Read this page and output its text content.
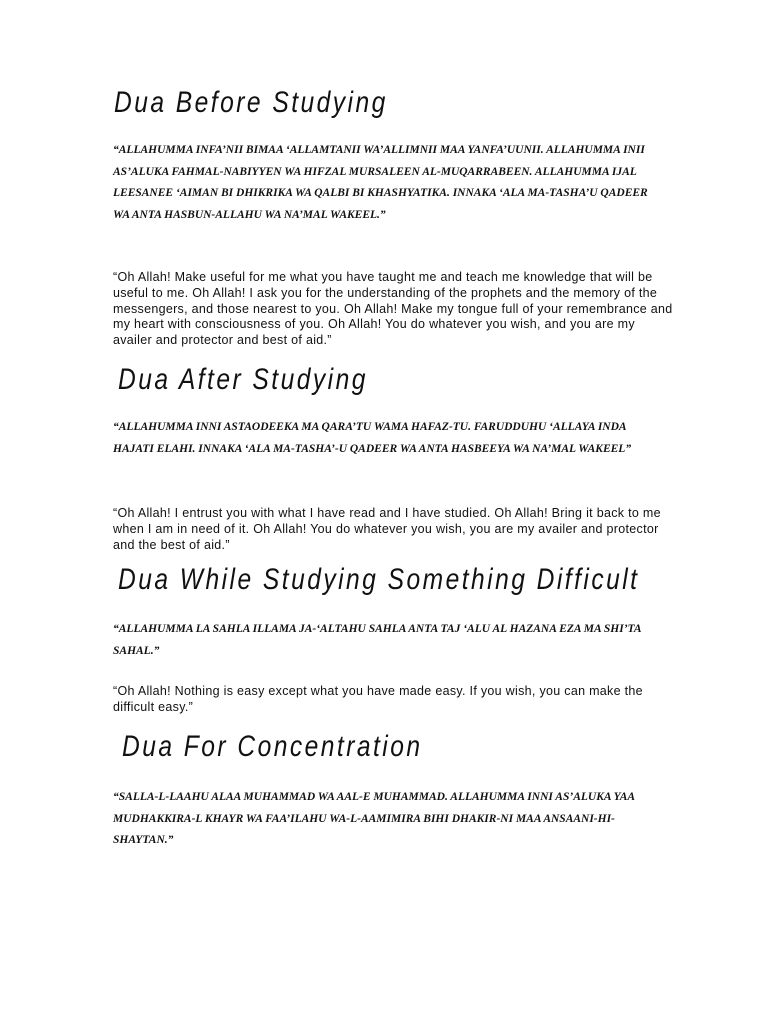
Dua Before Studying

“ALLAHUMMA INFA’NII BIMAA ‘ALLAMTANII WA’ALLIMNII MAA YANFA’UUNII. ALLAHUMMA INII AS’ALUKA FAHMAL-NABIYYEN WA HIFZAL MURSALEEN AL-MUQARRABEEN. ALLAHUMMA IJAL LEESANEE ‘AIMAN BI DHIKRIKA WA QALBI BI KHASHYATIKA. INNAKA ‘ALA MA-TASHA’U QADEER WA ANTA HASBUN-ALLAHU WA NA’MAL WAKEEL.”

“Oh Allah! Make useful for me what you have taught me and teach me knowledge that will be useful to me. Oh Allah! I ask you for the understanding of the prophets and the memory of the messengers, and those nearest to you. Oh Allah! Make my tongue full of your remembrance and my heart with consciousness of you. Oh Allah! You do whatever you wish, and you are my availer and protector and best of aid.”

Dua After Studying

“ALLAHUMMA INNI ASTAODEEKA MA QARA’TU WAMA HAFAZ-TU. FARUDDUHU ‘ALLAYA INDA HAJATI ELAHI. INNAKA ‘ALA MA-TASHA’-U QADEER WA ANTA HASBEEYA WA NA’MAL WAKEEL”

“Oh Allah! I entrust you with what I have read and I have studied. Oh Allah! Bring it back to me when I am in need of it. Oh Allah! You do whatever you wish, you are my availer and protector and the best of aid.”

Dua While Studying Something Difficult

“ALLAHUMMA LA SAHLA ILLAMA JA-‘ALTAHU SAHLA ANTA TAJ ‘ALU AL HAZANA EZA MA SHI’TA SAHAL.”

“Oh Allah! Nothing is easy except what you have made easy. If you wish, you can make the difficult easy.”

Dua For Concentration

“SALLA-L-LAAHU ALAA MUHAMMAD WA AAL-E MUHAMMAD. ALLAHUMMA INNI AS’ALUKA YAA MUDHAKKIRA-L KHAYR WA FAA’ILAHU WA-L-AAMIMIRA BIHI DHAKIR-NI MAA ANSAANI-HI-SHAYTAN.”
